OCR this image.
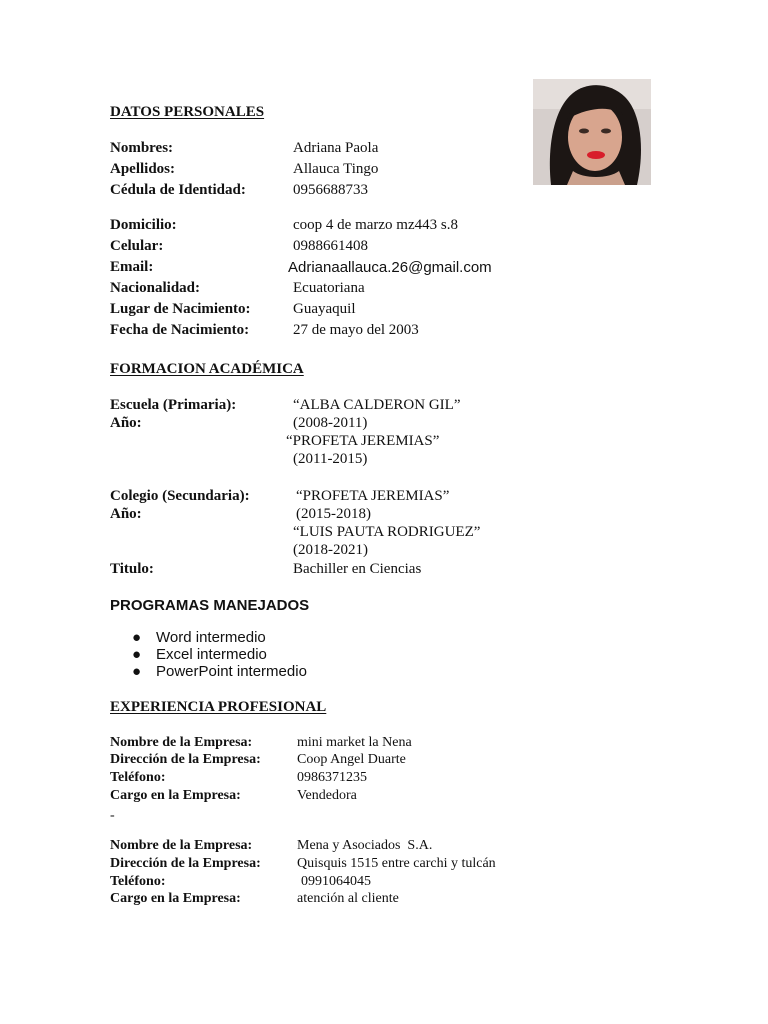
DATOS PERSONALES
Nombres:	Adriana Paola
Apellidos:	Allauca Tingo
Cédula de Identidad:	0956688733
Domicilio:	coop 4 de marzo mz443 s.8
Celular:	0988661408
Email:	Adrianaallauca.26@gmail.com
Nacionalidad:	Ecuatoriana
Lugar de Nacimiento:	Guayaquil
Fecha de Nacimiento:	27 de mayo del 2003
FORMACION ACADÉMICA
Escuela (Primaria):	“ALBA CALDERON GIL”
Año:	(2008-2011)
“PROFETA JEREMIAS”
(2011-2015)
Colegio (Secundaria):	“PROFETA JEREMIAS”
Año:	(2015-2018)
“LUIS PAUTA RODRIGUEZ”
(2018-2021)
Titulo:	Bachiller en Ciencias
PROGRAMAS MANEJADOS
● Word intermedio
● Excel intermedio
● PowerPoint intermedio
EXPERIENCIA PROFESIONAL
Nombre de la Empresa:	mini market la Nena
Dirección de la Empresa:	Coop Angel Duarte
Teléfono:	0986371235
Cargo en la Empresa:	Vendedora
-
Nombre de la Empresa:	Mena y Asociados  S.A.
Dirección de la Empresa:	Quisquis 1515 entre carchi y tulcán
Teléfono:	0991064045
Cargo en la Empresa:	atención al cliente
